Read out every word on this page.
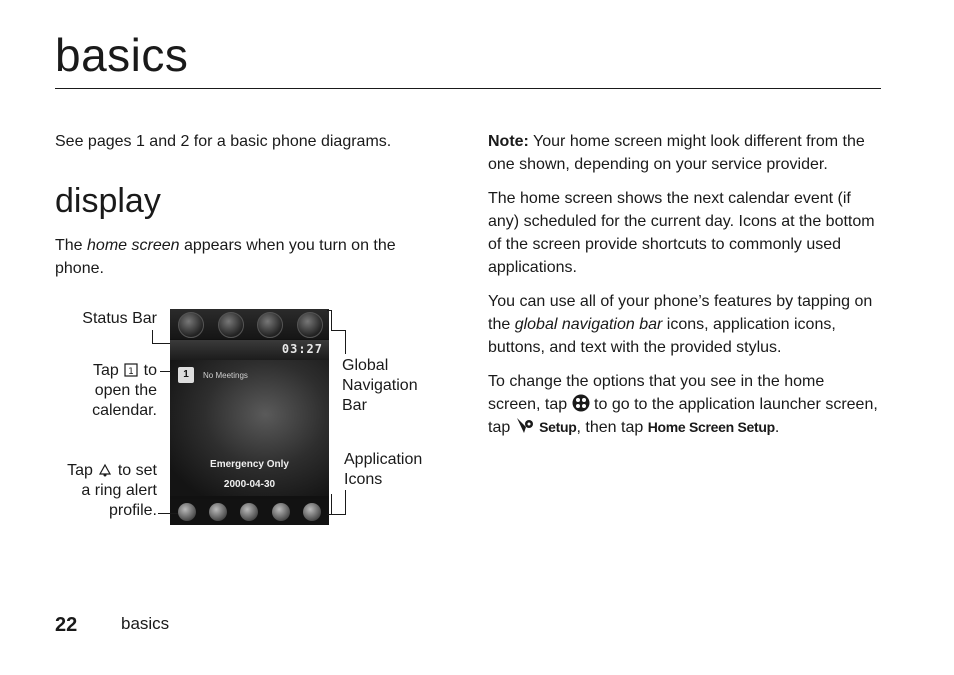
basics
See pages 1 and 2 for a basic phone diagrams.
display
The home screen appears when you turn on the phone.
03:27
1	No Meetings
Emergency Only
2000-04-30
Status Bar
Tap 1 to open the calendar.
Tap to set a ring alert profile.
Global Navigation Bar
Application Icons

Note: Your home screen might look different from the one shown, depending on your service provider.

The home screen shows the next calendar event (if any) scheduled for the current day. Icons at the bottom of the screen provide shortcuts to commonly used applications.

You can use all of your phone’s features by tapping on the global navigation bar icons, application icons, buttons, and text with the provided stylus.

To change the options that you see in the home screen, tap  to go to the application launcher screen, tap  Setup, then tap Home Screen Setup.

22	basics
